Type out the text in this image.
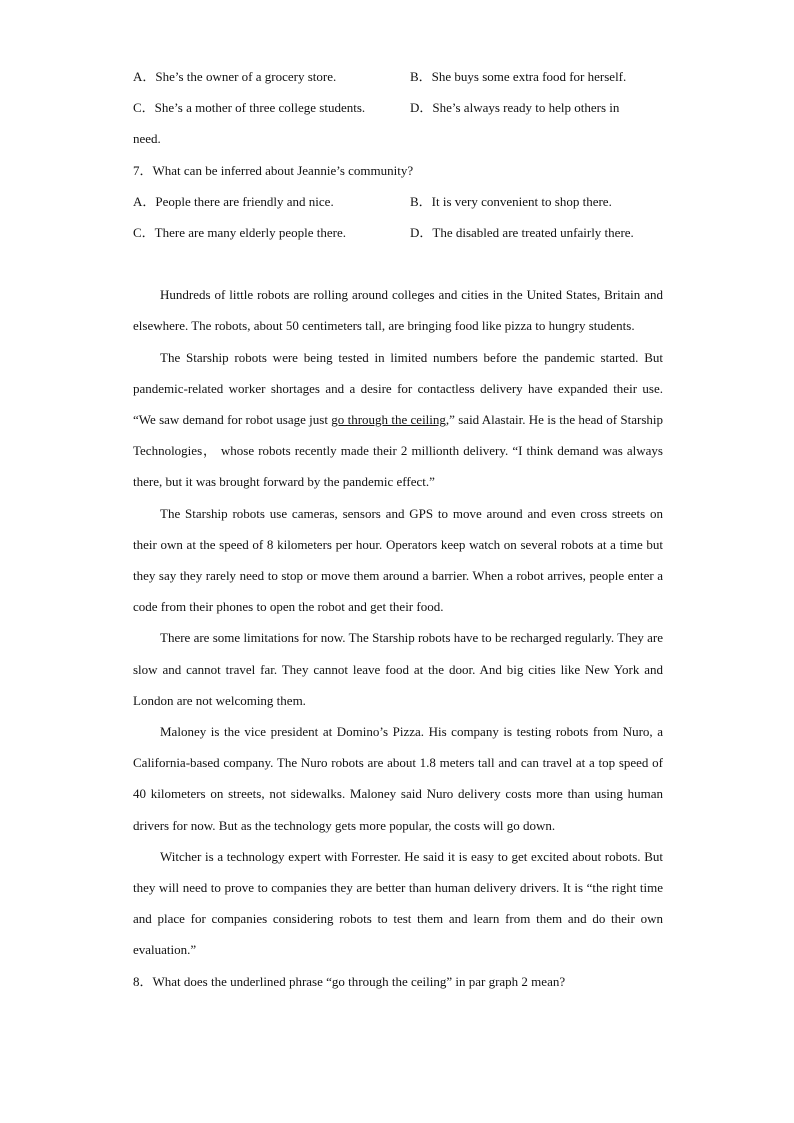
A．She’s the owner of a grocery store.	B．She buys some extra food for herself.
C．She’s a mother of three college students.	D．She’s always ready to help others in
need.
7．What can be inferred about Jeannie’s community?
A．People there are friendly and nice.	B．It is very convenient to shop there.
C．There are many elderly people there.	D．The disabled are treated unfairly there.

Hundreds of little robots are rolling around colleges and cities in the United States, Britain and elsewhere. The robots, about 50 centimeters tall, are bringing food like pizza to hungry students.

The Starship robots were being tested in limited numbers before the pandemic started. But pandemic-related worker shortages and a desire for contactless delivery have expanded their use. “We saw demand for robot usage just go through the ceiling,” said Alastair. He is the head of Starship Technologies， whose robots recently made their 2 millionth delivery. “I think demand was always there, but it was brought forward by the pandemic effect.”

The Starship robots use cameras, sensors and GPS to move around and even cross streets on their own at the speed of 8 kilometers per hour. Operators keep watch on several robots at a time but they say they rarely need to stop or move them around a barrier. When a robot arrives, people enter a code from their phones to open the robot and get their food.

There are some limitations for now. The Starship robots have to be recharged regularly. They are slow and cannot travel far. They cannot leave food at the door. And big cities like New York and London are not welcoming them.

Maloney is the vice president at Domino’s Pizza. His company is testing robots from Nuro, a California-based company. The Nuro robots are about 1.8 meters tall and can travel at a top speed of 40 kilometers on streets, not sidewalks. Maloney said Nuro delivery costs more than using human drivers for now. But as the technology gets more popular, the costs will go down.

Witcher is a technology expert with Forrester. He said it is easy to get excited about robots. But they will need to prove to companies they are better than human delivery drivers. It is “the right time and place for companies considering robots to test them and learn from them and do their own evaluation.”

8．What does the underlined phrase “go through the ceiling” in par graph 2 mean?
